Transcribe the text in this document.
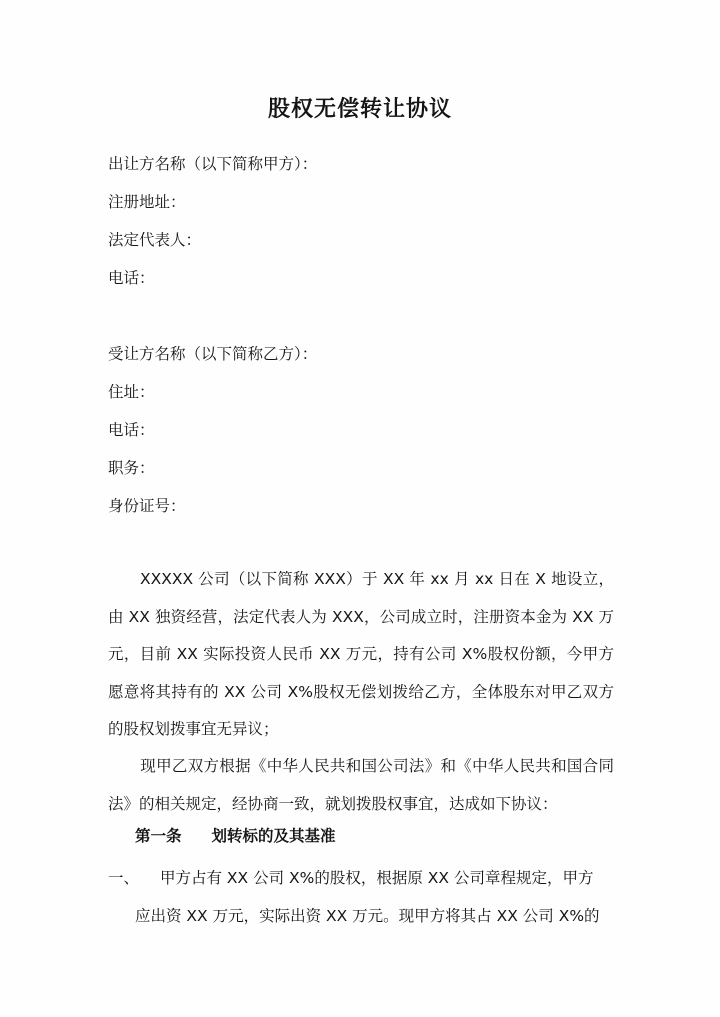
股权无偿转让协议
出让方名称（以下简称甲方）：
注册地址：
法定代表人：
电话：
受让方名称（以下简称乙方）：
住址：
电话：
职务：
身份证号：
XXXXX 公司（以下简称 XXX）于 XX 年 xx 月 xx 日在 X 地设立，由 XX 独资经营，法定代表人为 XXX，公司成立时，注册资本金为 XX 万元，目前 XX 实际投资人民币 XX 万元，持有公司 X%股权份额，今甲方愿意将其持有的 XX 公司 X%股权无偿划拨给乙方，全体股东对甲乙双方的股权划拨事宜无异议；
现甲乙双方根据《中华人民共和国公司法》和《中华人民共和国合同法》的相关规定，经协商一致，就划拨股权事宜，达成如下协议：
第一条 划转标的及其基准
一、 甲方占有 XX 公司 X%的股权，根据原 XX 公司章程规定，甲方
应出资 XX 万元，实际出资 XX 万元。现甲方将其占 XX 公司 X%的
